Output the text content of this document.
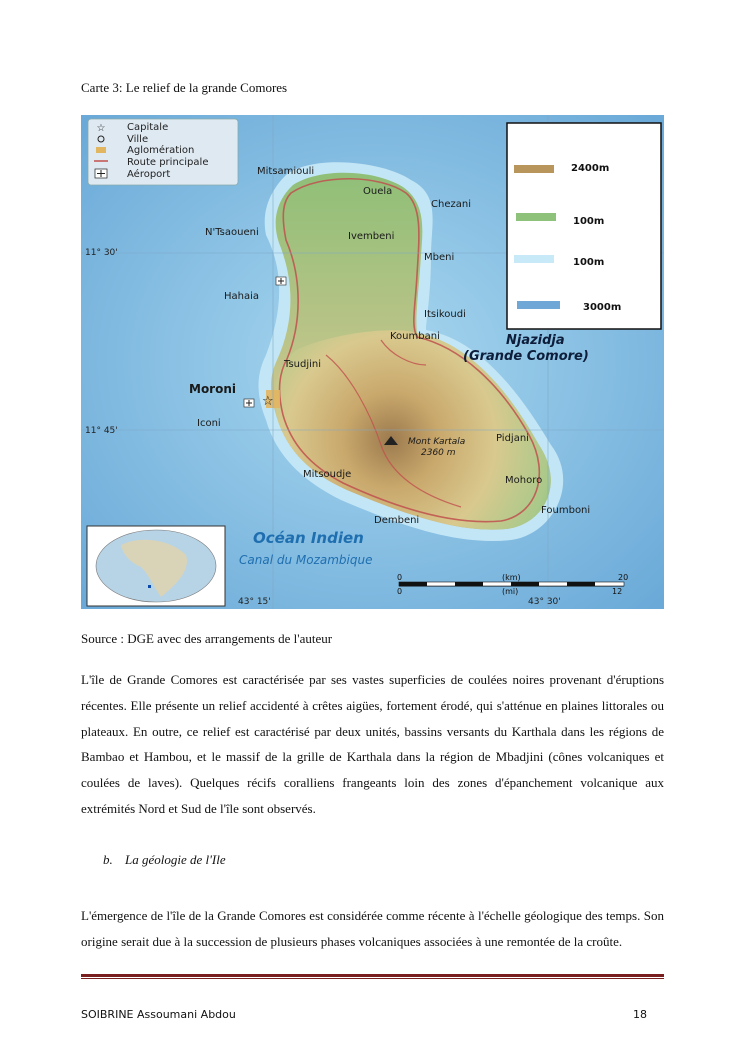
Carte 3: Le relief de la grande Comores
11° 30'
11° 45'
43° 15'	43° 30'
☆ Capitale
Ville
Aglomération
Route principale
Aéroport
2400m
100m
100m
3000m
Mitsamiouli
Ouela
Chezani
N'Tsaoueni	Ivembeni
Mbeni
Hahaia
Itsikoudi
Koumbani
Tsudjini
Moroni
Iconi
Pidjani
Mitsoudje
Mohoro
Foumboni
Dembeni
Mont Kartala
2360 m
☆
Njazidja
(Grande Comore)
Océan Indien
Canal du Mozambique
0	(km)	20
0	(mi)	12
Source : DGE avec des arrangements de l'auteur

L'île de Grande Comores est caractérisée par ses vastes superficies de coulées noires provenant d'éruptions récentes. Elle présente un relief accidenté à crêtes aigües, fortement érodé, qui s'atténue en plaines littorales ou plateaux. En outre, ce relief est caractérisé par deux unités, bassins versants du Karthala dans les régions de Bambao et Hambou, et le massif de la grille de Karthala dans la région de Mbadjini (cônes volcaniques et coulées de laves). Quelques récifs coralliens frangeants loin des zones d'épanchement volcanique aux extrémités Nord et Sud de l'île sont observés.

b. La géologie de l'Ile

L'émergence de l'île de la Grande Comores est considérée comme récente à l'échelle géologique des temps. Son origine serait due à la succession de plusieurs phases volcaniques associées à une remontée de la croûte.

SOIBRINE Assoumani Abdou	18
